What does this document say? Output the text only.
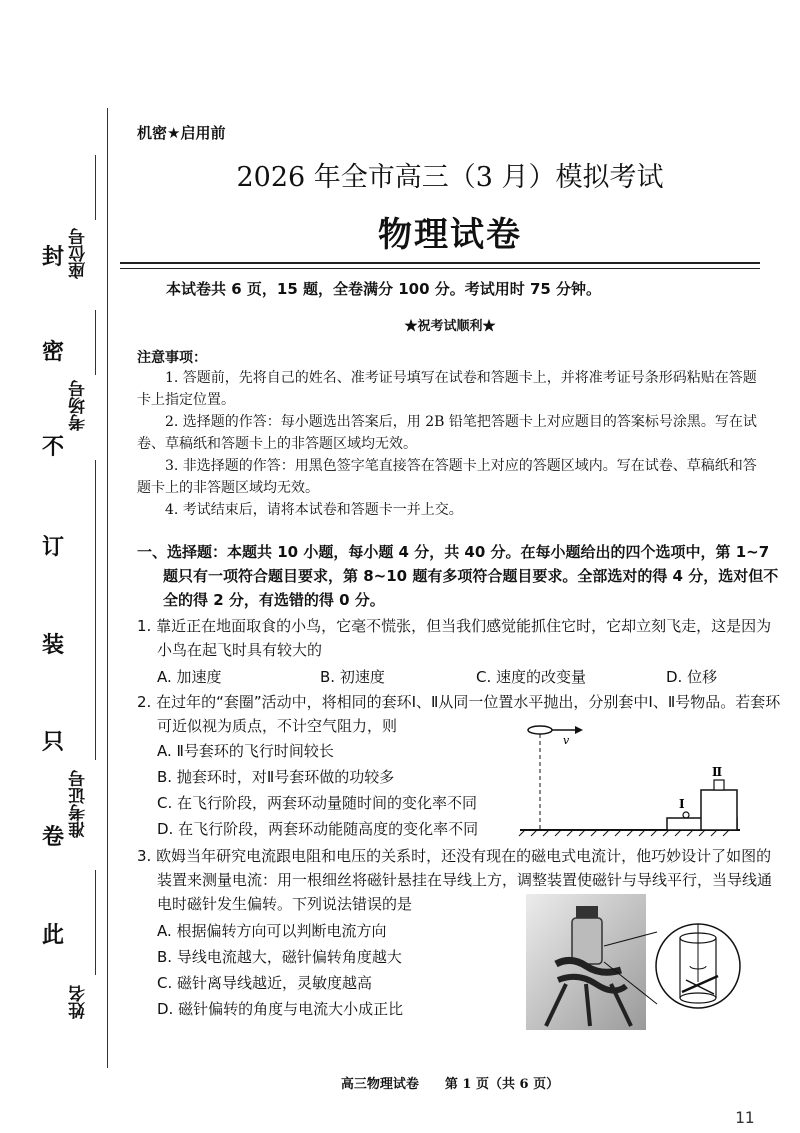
封
密
不
订
装
只
卷
此
座位号
考场号
准考证号
姓名
机密★启用前
2026 年全市高三（3 月）模拟考试
物理试卷
本试卷共 6 页，15 题，全卷满分 100 分。考试用时 75 分钟。
★祝考试顺利★
注意事项：
1. 答题前，先将自己的姓名、准考证号填写在试卷和答题卡上，并将准考证号条形码粘贴在答题卡上指定位置。
2. 选择题的作答：每小题选出答案后，用 2B 铅笔把答题卡上对应题目的答案标号涂黑。写在试卷、草稿纸和答题卡上的非答题区域均无效。
3. 非选择题的作答：用黑色签字笔直接答在答题卡上对应的答题区域内。写在试卷、草稿纸和答题卡上的非答题区域均无效。
4. 考试结束后，请将本试卷和答题卡一并上交。
一、选择题：本题共 10 小题，每小题 4 分，共 40 分。在每小题给出的四个选项中，第 1~7 题只有一项符合题目要求，第 8~10 题有多项符合题目要求。全部选对的得 4 分，选对但不全的得 2 分，有选错的得 0 分。
1. 靠近正在地面取食的小鸟，它毫不慌张，但当我们感觉能抓住它时，它却立刻飞走，这是因为小鸟在起飞时具有较大的
A. 加速度	B. 初速度	C. 速度的改变量	D. 位移
2. 在过年的“套圈”活动中，将相同的套环Ⅰ、Ⅱ从同一位置水平抛出，分别套中Ⅰ、Ⅱ号物品。若套环可近似视为质点，不计空气阻力，则
A. Ⅱ号套环的飞行时间较长
B. 抛套环时，对Ⅱ号套环做的功较多
C. 在飞行阶段，两套环动量随时间的变化率不同
D. 在飞行阶段，两套环动能随高度的变化率不同
v
Ⅰ
Ⅱ
3. 欧姆当年研究电流跟电阻和电压的关系时，还没有现在的磁电式电流计，他巧妙设计了如图的装置来测量电流：用一根细丝将磁针悬挂在导线上方，调整装置使磁针与导线平行，当导线通电时磁针发生偏转。下列说法错误的是
A. 根据偏转方向可以判断电流方向
B. 导线电流越大，磁针偏转角度越大
C. 磁针离导线越近，灵敏度越高
D. 磁针偏转的角度与电流大小成正比
高三物理试卷　　第 1 页（共 6 页）
11
